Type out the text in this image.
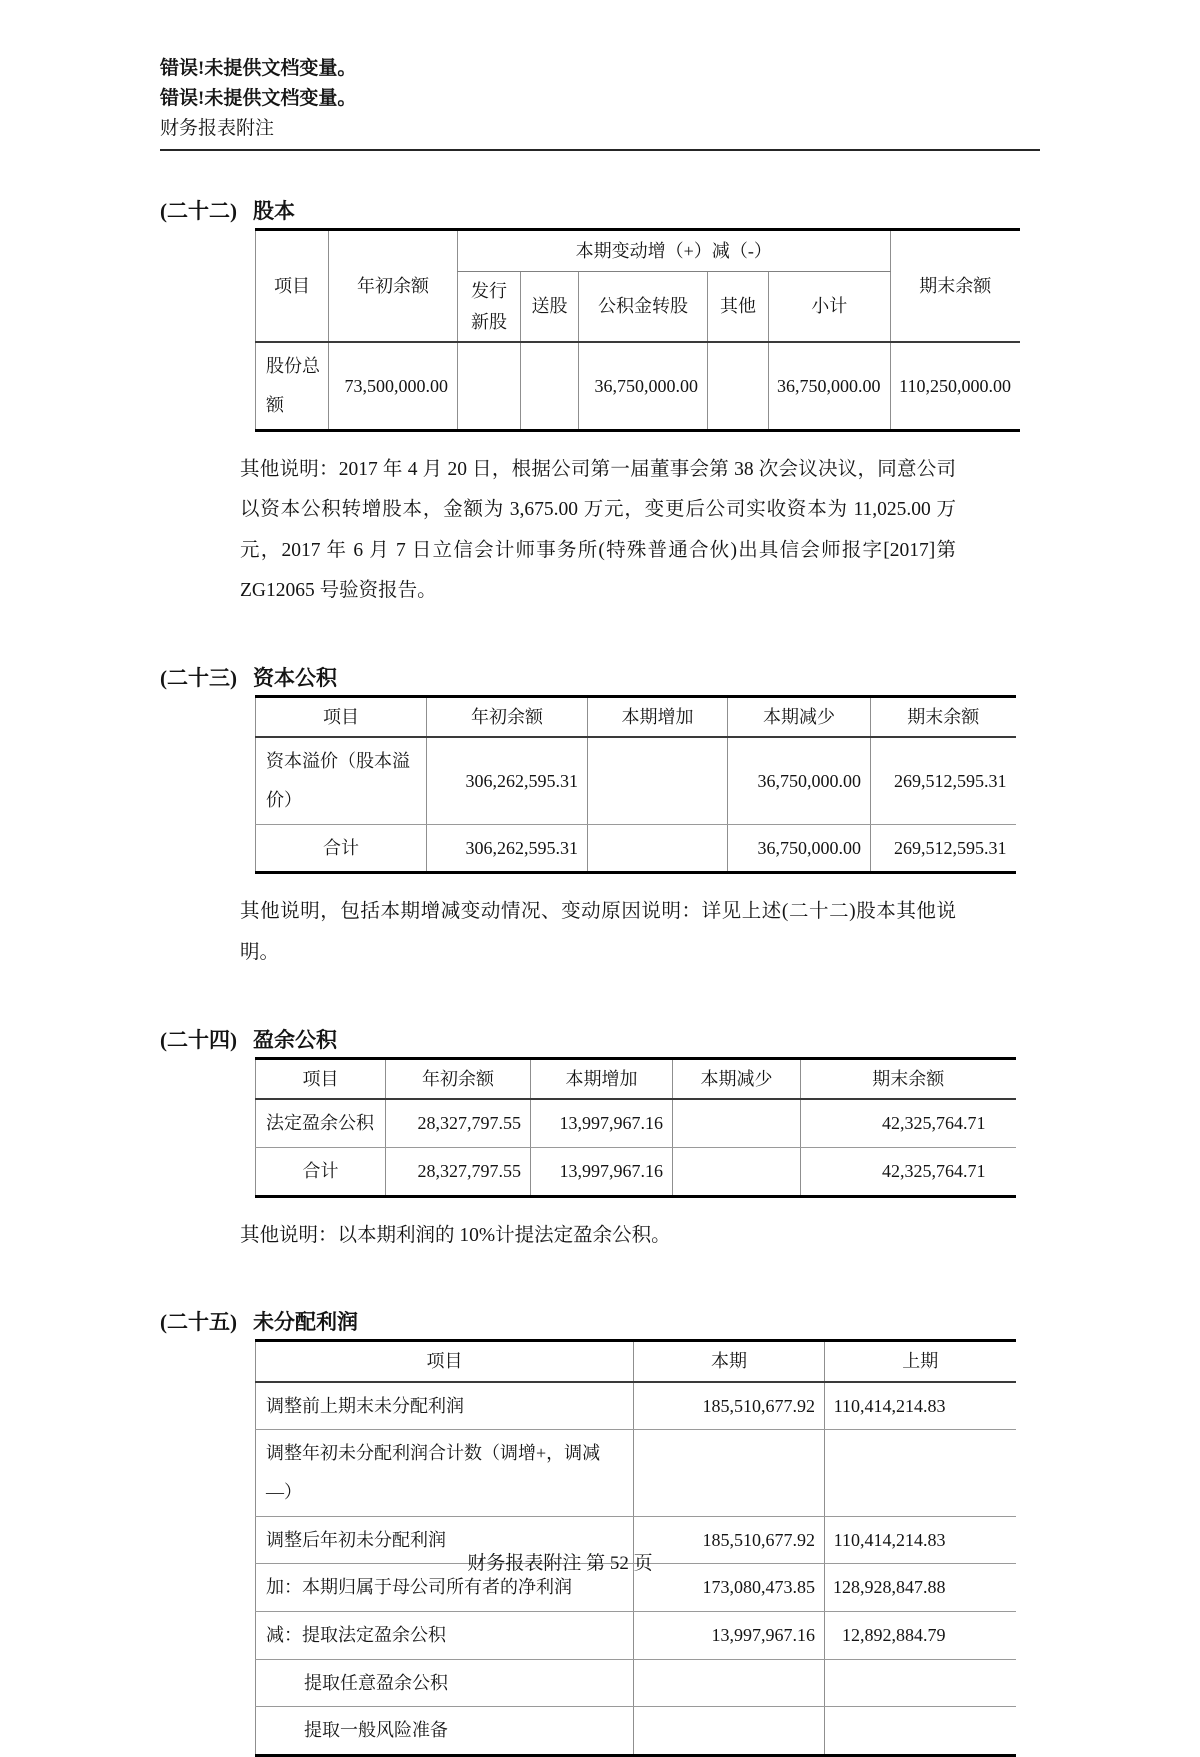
错误!未提供文档变量。
错误!未提供文档变量。
财务报表附注
(二十二) 股本
项目	年初余额	本期变动增（+）减（-）					期末余额
		发行新股	送股	公积金转股	其他	小计	
股份总额	73,500,000.00			36,750,000.00		36,750,000.00	110,250,000.00
其他说明：2017 年 4 月 20 日，根据公司第一届董事会第 38 次会议决议，同意公司以资本公积转增股本，金额为 3,675.00 万元，变更后公司实收资本为 11,025.00 万元，2017 年 6 月 7 日立信会计师事务所(特殊普通合伙)出具信会师报字[2017]第 ZG12065 号验资报告。
(二十三) 资本公积
项目	年初余额	本期增加	本期减少	期末余额
资本溢价（股本溢价）	306,262,595.31		36,750,000.00	269,512,595.31
合计	306,262,595.31		36,750,000.00	269,512,595.31
其他说明，包括本期增减变动情况、变动原因说明：详见上述(二十二)股本其他说明。
(二十四) 盈余公积
项目	年初余额	本期增加	本期减少	期末余额
法定盈余公积	28,327,797.55	13,997,967.16		42,325,764.71
合计	28,327,797.55	13,997,967.16		42,325,764.71
其他说明：以本期利润的 10%计提法定盈余公积。
(二十五) 未分配利润
项目	本期	上期
调整前上期末未分配利润	185,510,677.92	110,414,214.83
调整年初未分配利润合计数（调增+，调减—）		
调整后年初未分配利润	185,510,677.92	110,414,214.83
加：本期归属于母公司所有者的净利润	173,080,473.85	128,928,847.88
减：提取法定盈余公积	13,997,967.16	12,892,884.79
提取任意盈余公积		
提取一般风险准备		
财务报表附注 第 52 页
